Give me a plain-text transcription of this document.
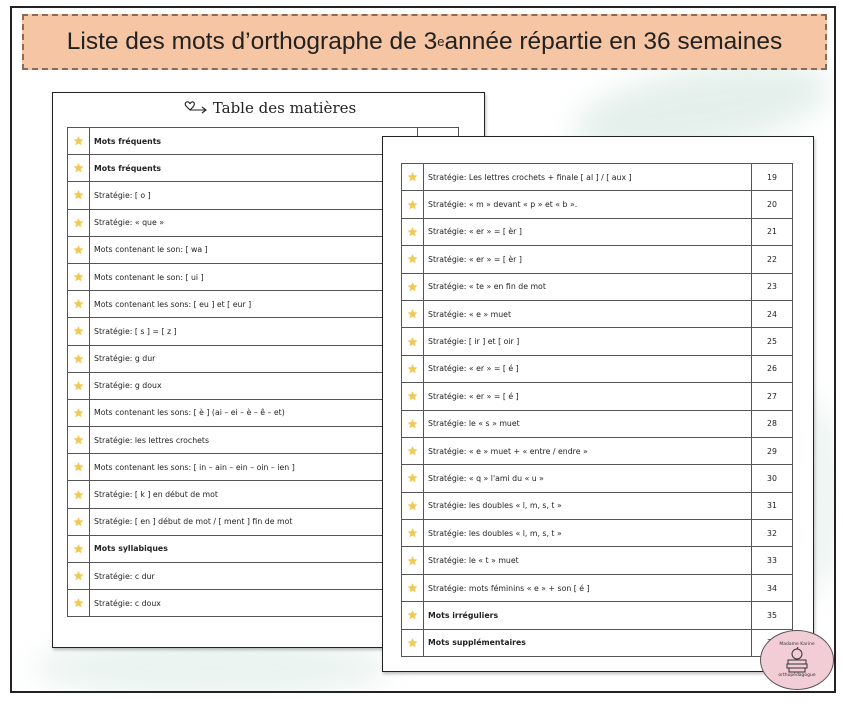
Liste des mots d’orthographe de 3 e année répartie en 36 semaines
Table des matières
★	Mots fréquents	
★	Mots fréquents	
★	Stratégie: [ o ]	
★	Stratégie: « que »	
★	Mots contenant le son: [ wa ]	
★	Mots contenant le son: [ ui ]	
★	Mots contenant les sons: [ eu ] et [ eur ]	
★	Stratégie: [ s ] = [ z ]	
★	Stratégie: g dur	
★	Stratégie: g doux	
★	Mots contenant les sons: [ è ] (ai – ei – è – ê – et)	
★	Stratégie: les lettres crochets	
★	Mots contenant les sons: [ in – ain – ein – oin – ien ]	
★	Stratégie: [ k ] en début de mot	
★	Stratégie: [ en ] début de mot / [ ment ] fin de mot	
★	Mots syllabiques	
★	Stratégie: c dur	
★	Stratégie: c doux	
★	Stratégie: Les lettres crochets + finale [ al ] / [ aux ]	19
★	Stratégie: « m » devant « p » et « b ».	20
★	Stratégie: « er » = [ èr ]	21
★	Stratégie: « er » = [ èr ]	22
★	Stratégie: « te » en fin de mot	23
★	Stratégie: « e » muet	24
★	Stratégie: [ ir ] et [ oir ]	25
★	Stratégie: « er » = [ é ]	26
★	Stratégie: « er » = [ é ]	27
★	Stratégie: le « s » muet	28
★	Stratégie: « e » muet + « entre / endre »	29
★	Stratégie: « q » l'ami du « u »	30
★	Stratégie: les doubles « l, m, s, t »	31
★	Stratégie: les doubles « l, m, s, t »	32
★	Stratégie: le « t » muet	33
★	Stratégie: mots féminins « e » + son [ é ]	34
★	Mots irréguliers	35
★	Mots supplémentaires		Madame Karine
orthopédagogue
